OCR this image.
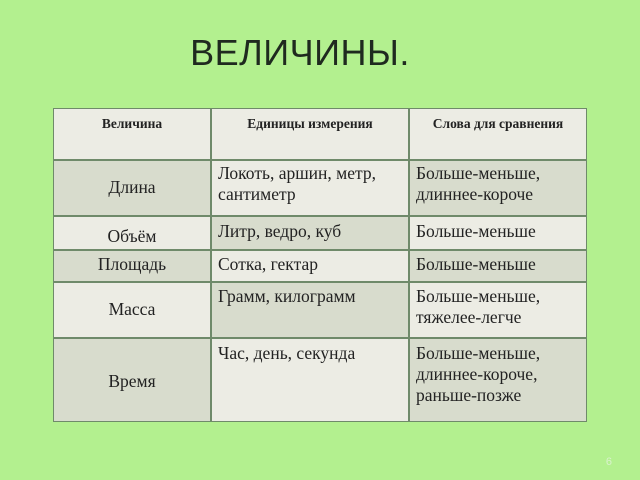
ВЕЛИЧИНЫ.
Величина
Длина
Объём
Площадь
Масса
Время
Единицы измерения
Локоть, аршин, метр, сантиметр
Литр, ведро, куб
Сотка, гектар
Грамм, килограмм
Час, день, секунда
Слова для сравнения
Больше-меньше, длиннее-короче
Больше-меньше
Больше-меньше
Больше-меньше, тяжелее-легче
Больше-меньше, длиннее-короче, раньше-позже
6
